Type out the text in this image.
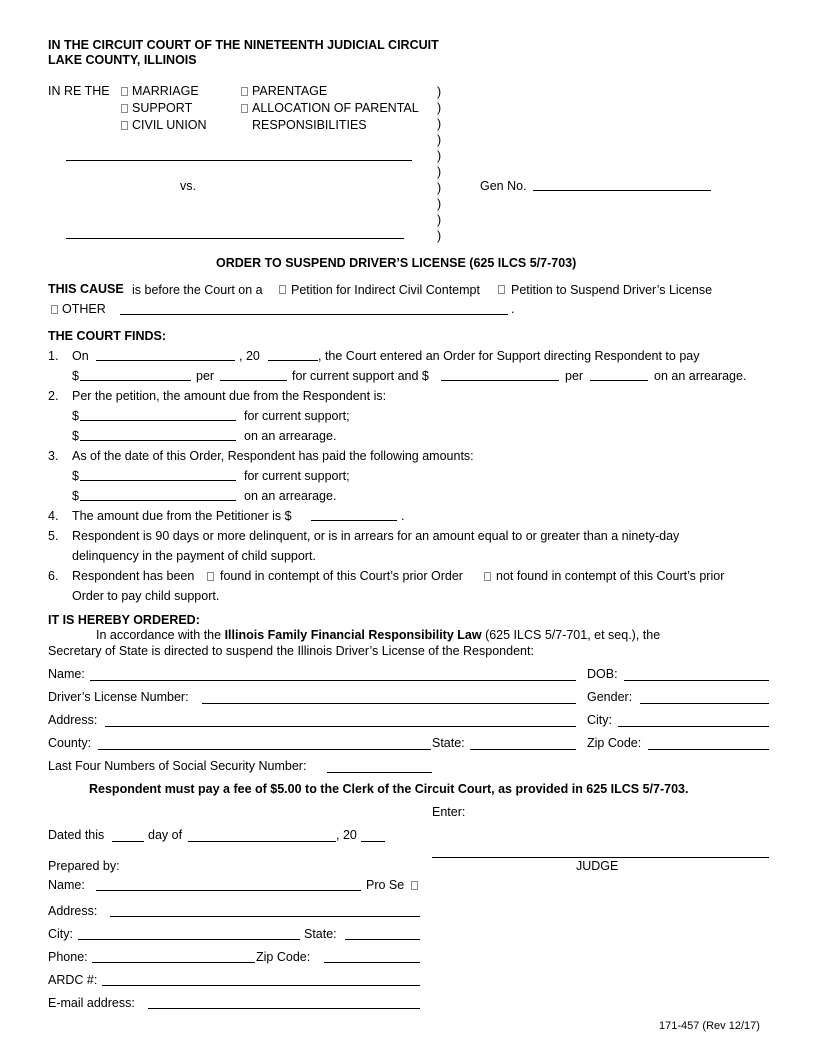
IN THE CIRCUIT COURT OF THE NINETEENTH JUDICIAL CIRCUIT
LAKE COUNTY, ILLINOIS
IN RE THE MARRIAGE
SUPPORT
CIVIL UNION
PARENTAGE
ALLOCATION OF PARENTAL
RESPONSIBILITIES
)
)
)
)
)
)
)
)
)
)
vs.	Gen No.
ORDER TO SUSPEND DRIVER’S LICENSE (625 ILCS 5/7-703)
THIS CAUSE is before the Court on a Petition for Indirect Civil Contempt Petition to Suspend Driver’s License
OTHER	.
THE COURT FINDS:
1. On	, 20	, the Court entered an Order for Support directing Respondent to pay
$	per	for current support and $	per	on an arrearage.
2. Per the petition, the amount due from the Respondent is:
$	for current support;
$	on an arrearage.
3. As of the date of this Order, Respondent has paid the following amounts:
$	for current support;
$	on an arrearage.
4. The amount due from the Petitioner is $	.
5. Respondent is 90 days or more delinquent, or is in arrears for an amount equal to or greater than a ninety-day
delinquency in the payment of child support.
6. Respondent has been found in contempt of this Court’s prior Order	not found in contempt of this Court’s prior
Order to pay child support.
IT IS HEREBY ORDERED:
In accordance with the Illinois Family Financial Responsibility Law (625 ILCS 5/7-701, et seq.), the
Secretary of State is directed to suspend the Illinois Driver’s License of the Respondent:
Name:	DOB:
Driver’s License Number:	Gender:
Address:	City:
County:	State:	Zip Code:
Last Four Numbers of Social Security Number:
Respondent must pay a fee of $5.00 to the Clerk of the Circuit Court, as provided in 625 ILCS 5/7-703.
Enter:
JUDGE
Dated this	day of	, 20
Prepared by:
Name:	Pro Se
Address:
City:	State:
Phone:	Zip Code:
ARDC #:
E-mail address:
171-457 (Rev 12/17)
